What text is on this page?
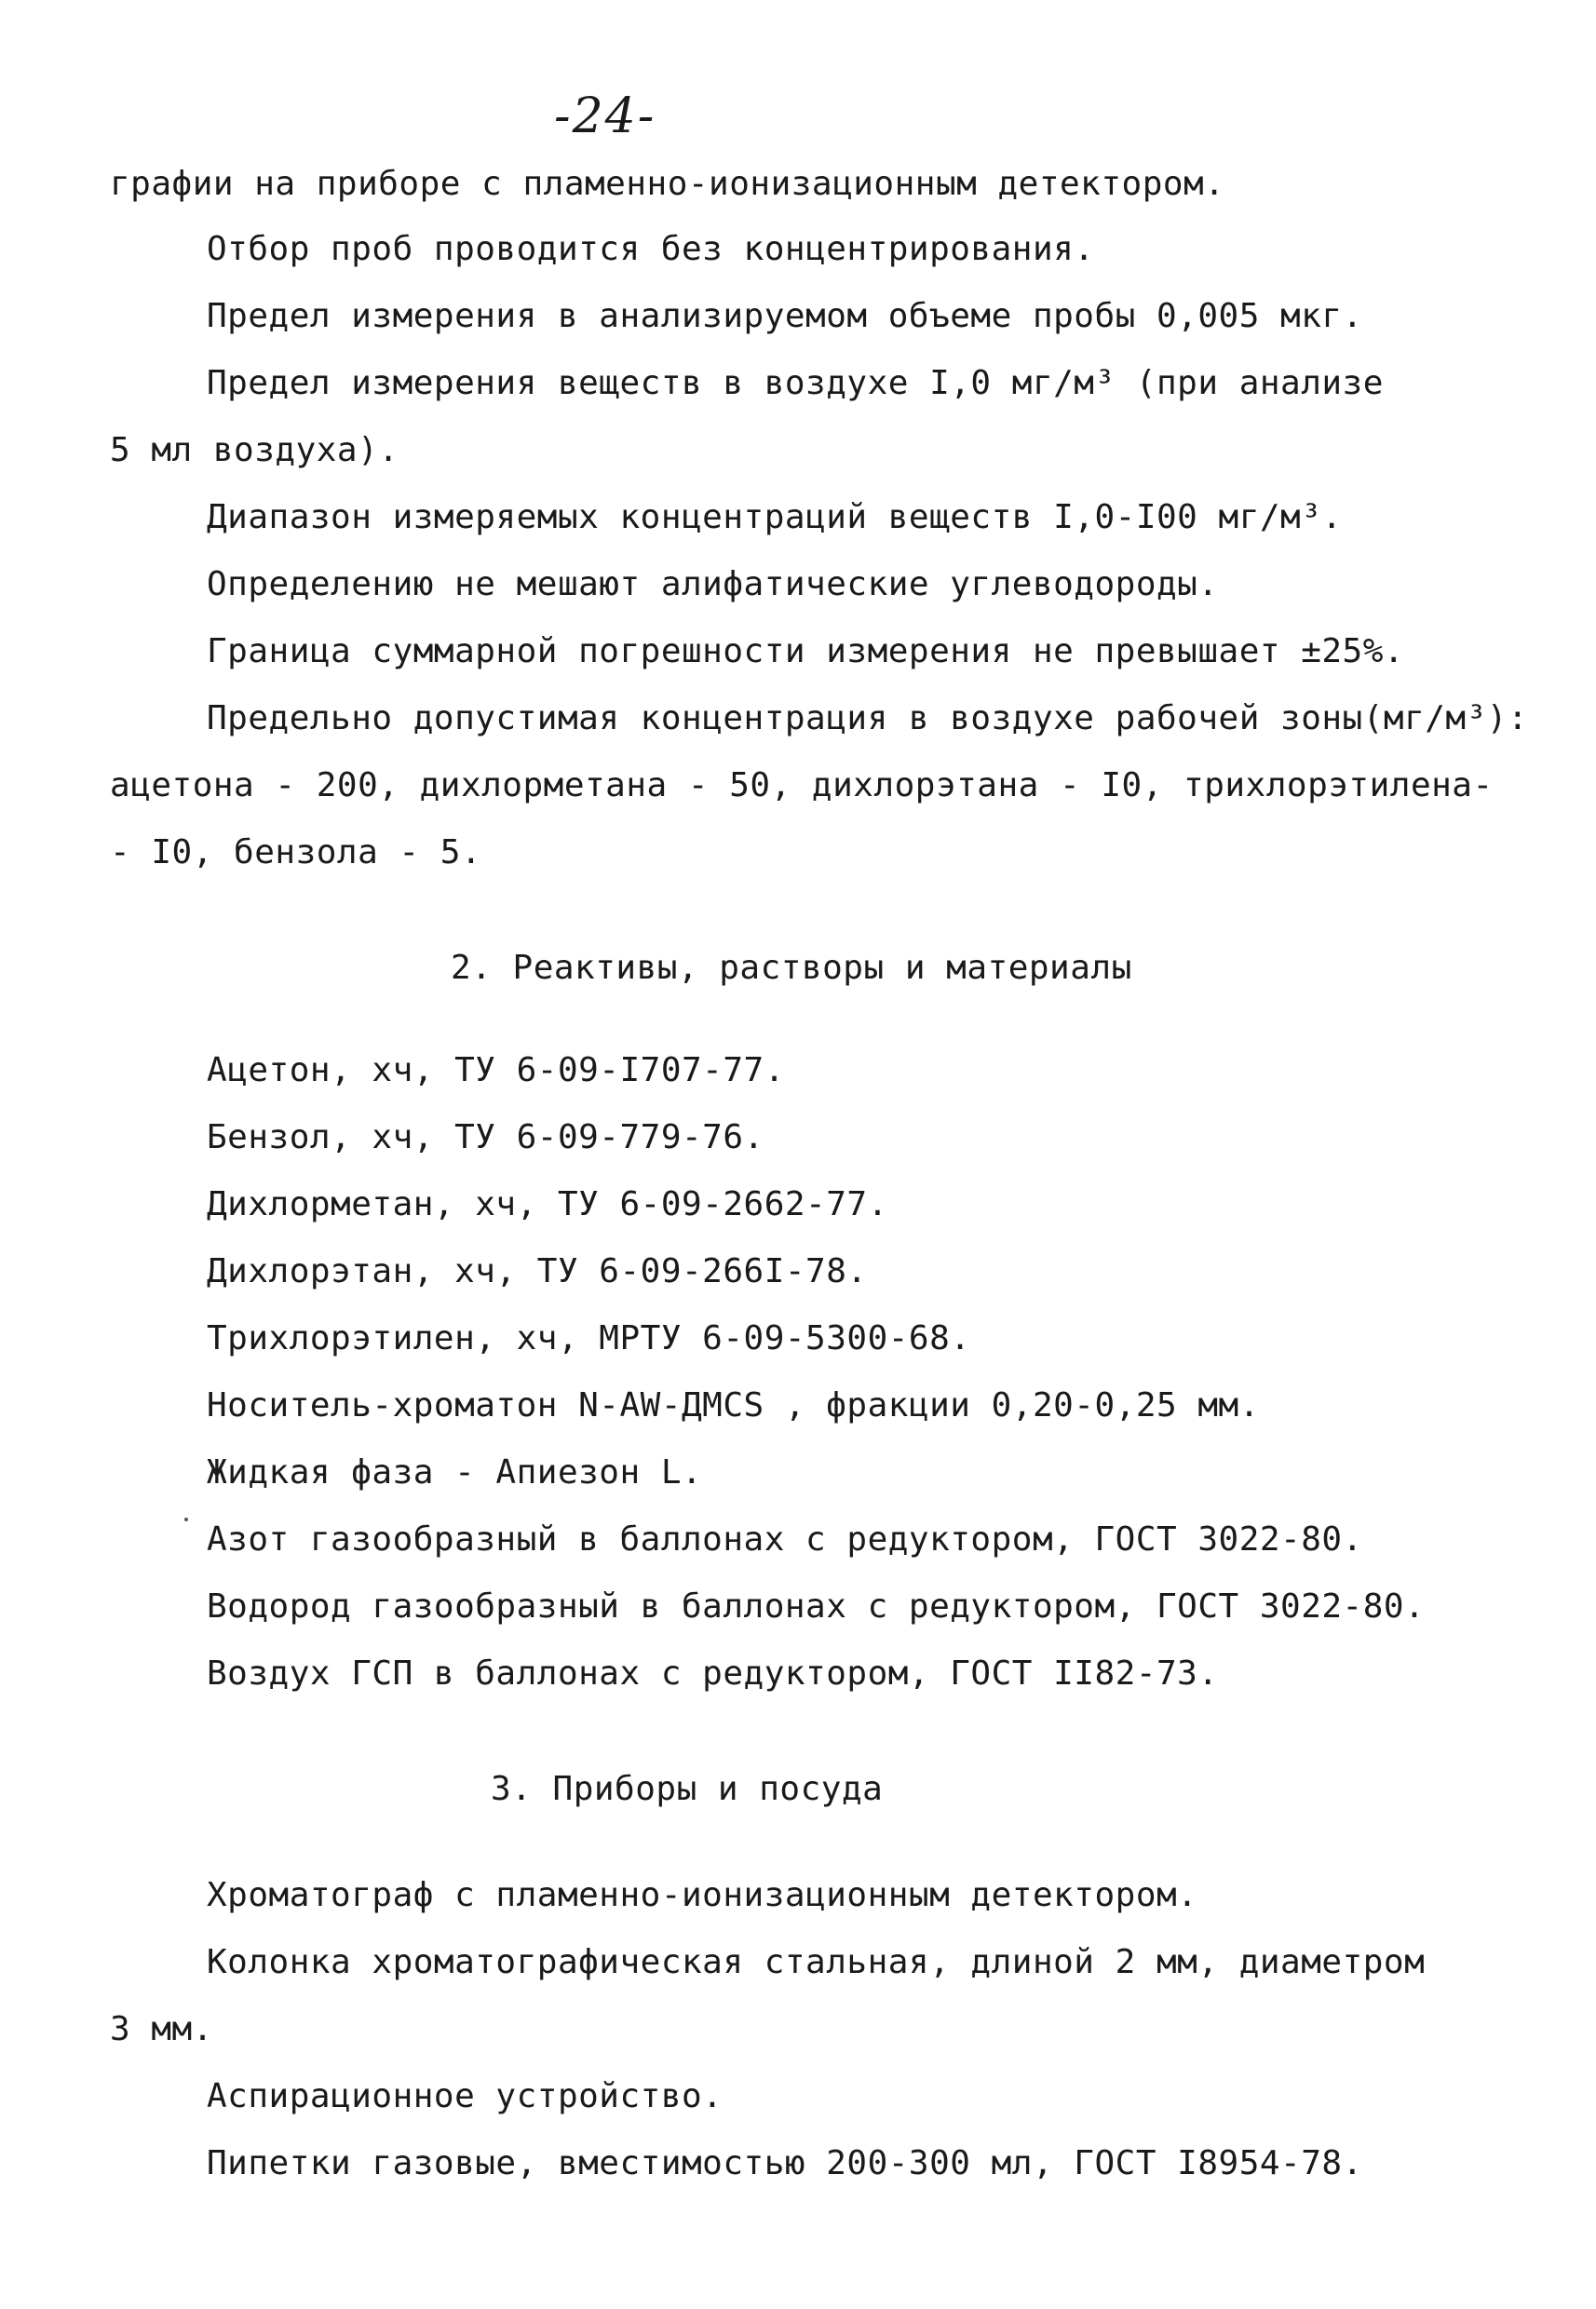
-24-
графии на приборе с пламенно-ионизационным детектором.
Отбор проб проводится без концентрирования.
Предел измерения в анализируемом объеме пробы 0,005 мкг.
Предел измерения веществ в воздухе I,0 мг/м³ (при анализе
5 мл воздуха).
Диапазон измеряемых концентраций веществ I,0-I00 мг/м³.
Определению не мешают алифатические углеводороды.
Граница суммарной погрешности измерения не превышает ±25%.
Предельно допустимая концентрация в воздухе рабочей зоны(мг/м³):
ацетона - 200, дихлорметана - 50, дихлорэтана - I0, трихлорэтилена-
- I0, бензола - 5.
2. Реактивы, растворы и материалы
Ацетон, хч, ТУ 6-09-I707-77.
Бензол, хч, ТУ 6-09-779-76.
Дихлорметан, хч, ТУ 6-09-2662-77.
Дихлорэтан, хч, ТУ 6-09-266I-78.
Трихлорэтилен, хч, МРТУ 6-09-5300-68.
Носитель-хроматон N-AW-ДМСS , фракции 0,20-0,25 мм.
Жидкая фаза - Апиезон L.
Азот газообразный в баллонах с редуктором, ГОСТ 3022-80.
Водород газообразный в баллонах с редуктором, ГОСТ 3022-80.
Воздух ГСП в баллонах с редуктором, ГОСТ II82-73.
3. Приборы и посуда
Хроматограф с пламенно-ионизационным детектором.
Колонка хроматографическая стальная, длиной 2 мм, диаметром
3 мм.
Аспирационное устройство.
Пипетки газовые, вместимостью 200-300 мл, ГОСТ I8954-78.
